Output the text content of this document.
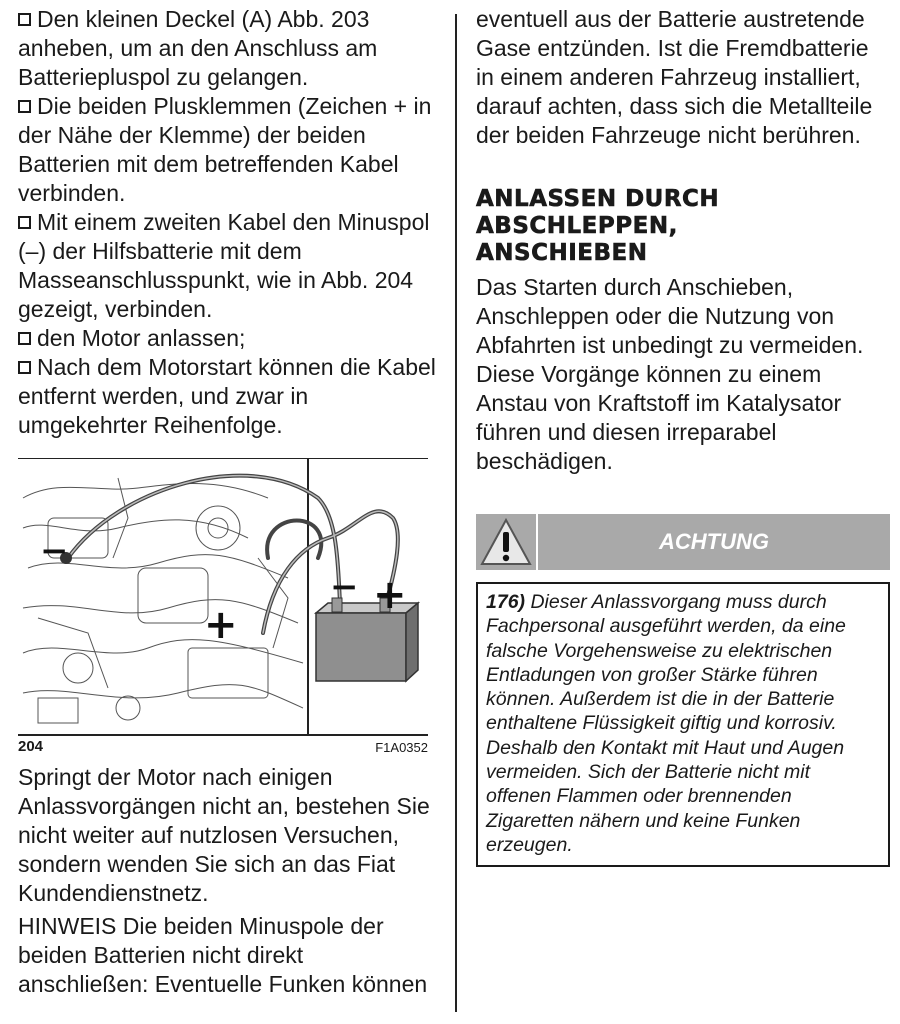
Den kleinen Deckel (A) Abb. 203 anheben, um an den Anschluss am Batteriepluspol zu gelangen.
Die beiden Plusklemmen (Zeichen + in der Nähe der Klemme) der beiden Batterien mit dem betreffenden Kabel verbinden.
Mit einem zweiten Kabel den Minuspol (–) der Hilfsbatterie mit dem Masseanschlusspunkt, wie in Abb. 204 gezeigt, verbinden.
den Motor anlassen;
Nach dem Motorstart können die Kabel entfernt werden, und zwar in umgekehrter Reihenfolge.

−
+
− +
204	F1A0352

Springt der Motor nach einigen Anlassvorgängen nicht an, bestehen Sie nicht weiter auf nutzlosen Versuchen, sondern wenden Sie sich an das Fiat Kundendienstnetz.

HINWEIS Die beiden Minuspole der beiden Batterien nicht direkt anschließen: Eventuelle Funken können

eventuell aus der Batterie austretende Gase entzünden. Ist die Fremdbatterie in einem anderen Fahrzeug installiert, darauf achten, dass sich die Metallteile der beiden Fahrzeuge nicht berühren.

ANLASSEN DURCH
ABSCHLEPPEN,
ANSCHIEBEN

Das Starten durch Anschieben, Anschleppen oder die Nutzung von Abfahrten ist unbedingt zu vermeiden. Diese Vorgänge können zu einem Anstau von Kraftstoff im Katalysator führen und diesen irreparabel beschädigen.

ACHTUNG
176) Dieser Anlassvorgang muss durch Fachpersonal ausgeführt werden, da eine falsche Vorgehensweise zu elektrischen Entladungen von großer Stärke führen können. Außerdem ist die in der Batterie enthaltene Flüssigkeit giftig und korrosiv. Deshalb den Kontakt mit Haut und Augen vermeiden. Sich der Batterie nicht mit offenen Flammen oder brennenden Zigaretten nähern und keine Funken erzeugen.
